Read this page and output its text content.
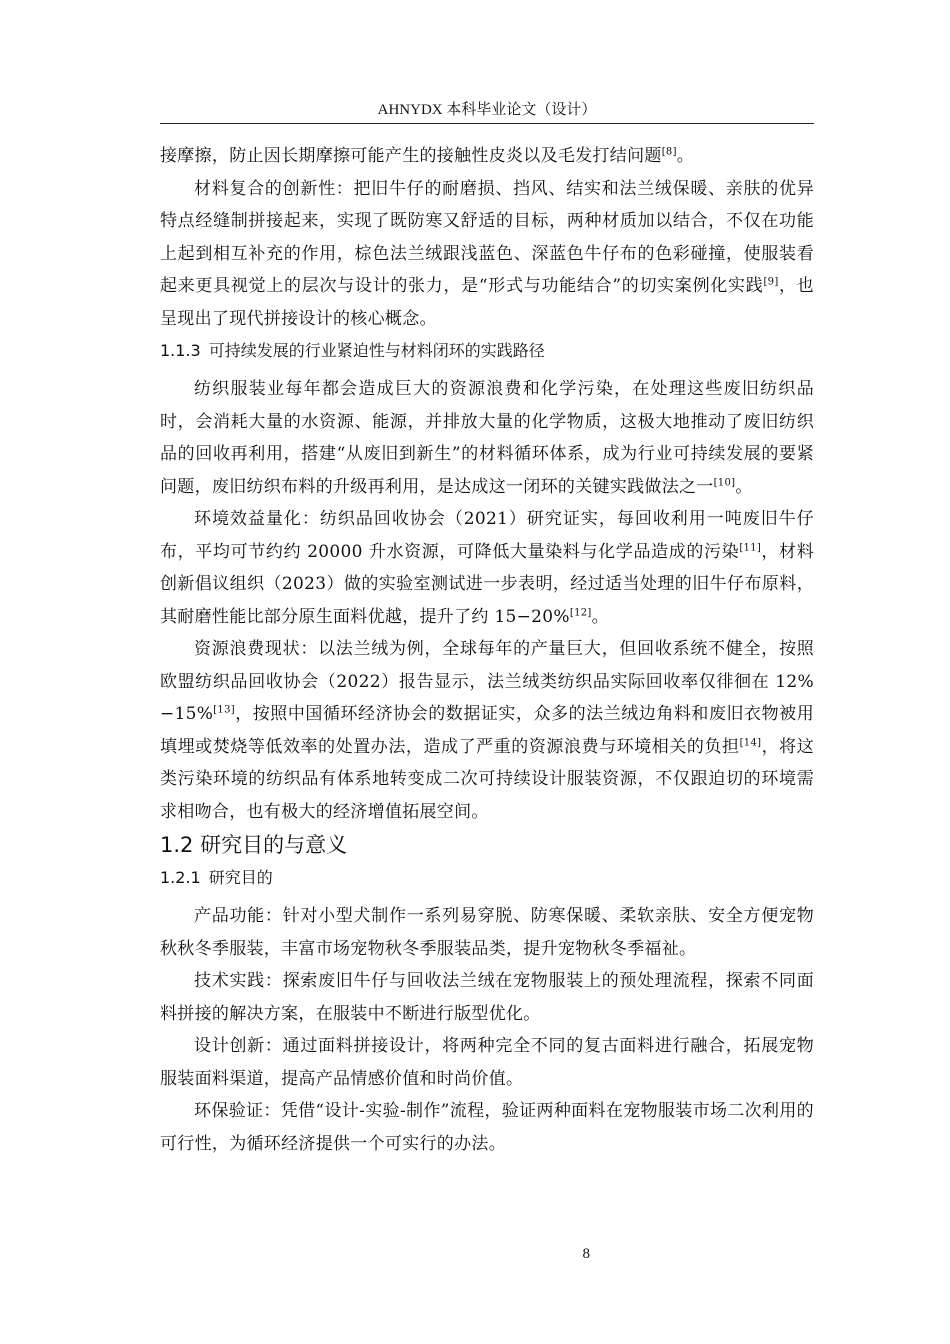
AHNYDX 本科毕业论文（设计）

接摩擦，防止因长期摩擦可能产生的接触性皮炎以及毛发打结问题[8]。

材料复合的创新性：把旧牛仔的耐磨损、挡风、结实和法兰绒保暖、亲肤的优异特点经缝制拼接起来，实现了既防寒又舒适的目标，两种材质加以结合，不仅在功能上起到相互补充的作用，棕色法兰绒跟浅蓝色、深蓝色牛仔布的色彩碰撞，使服装看起来更具视觉上的层次与设计的张力，是“形式与功能结合”的切实案例化实践[9]，也呈现出了现代拼接设计的核心概念。

1.1.3 可持续发展的行业紧迫性与材料闭环的实践路径

纺织服装业每年都会造成巨大的资源浪费和化学污染，在处理这些废旧纺织品时，会消耗大量的水资源、能源，并排放大量的化学物质，这极大地推动了废旧纺织品的回收再利用，搭建“从废旧到新生”的材料循环体系，成为行业可持续发展的要紧问题，废旧纺织布料的升级再利用，是达成这一闭环的关键实践做法之一[10]。

环境效益量化：纺织品回收协会（2021）研究证实，每回收利用一吨废旧牛仔布，平均可节约约 20000 升水资源，可降低大量染料与化学品造成的污染[11]，材料创新倡议组织（2023）做的实验室测试进一步表明，经过适当处理的旧牛仔布原料，其耐磨性能比部分原生面料优越，提升了约 15−20%[12]。

资源浪费现状：以法兰绒为例，全球每年的产量巨大，但回收系统不健全，按照欧盟纺织品回收协会（2022）报告显示，法兰绒类纺织品实际回收率仅徘徊在 12%−15%[13]，按照中国循环经济协会的数据证实，众多的法兰绒边角料和废旧衣物被用填埋或焚烧等低效率的处置办法，造成了严重的资源浪费与环境相关的负担[14]，将这类污染环境的纺织品有体系地转变成二次可持续设计服装资源，不仅跟迫切的环境需求相吻合，也有极大的经济增值拓展空间。

1.2 研究目的与意义
1.2.1 研究目的

产品功能：针对小型犬制作一系列易穿脱、防寒保暖、柔软亲肤、安全方便宠物秋秋冬季服装，丰富市场宠物秋冬季服装品类，提升宠物秋冬季福祉。

技术实践：探索废旧牛仔与回收法兰绒在宠物服装上的预处理流程，探索不同面料拼接的解决方案，在服装中不断进行版型优化。

设计创新：通过面料拼接设计，将两种完全不同的复古面料进行融合，拓展宠物服装面料渠道，提高产品情感价值和时尚价值。

环保验证：凭借“设计-实验-制作”流程，验证两种面料在宠物服装市场二次利用的可行性，为循环经济提供一个可实行的办法。

8
